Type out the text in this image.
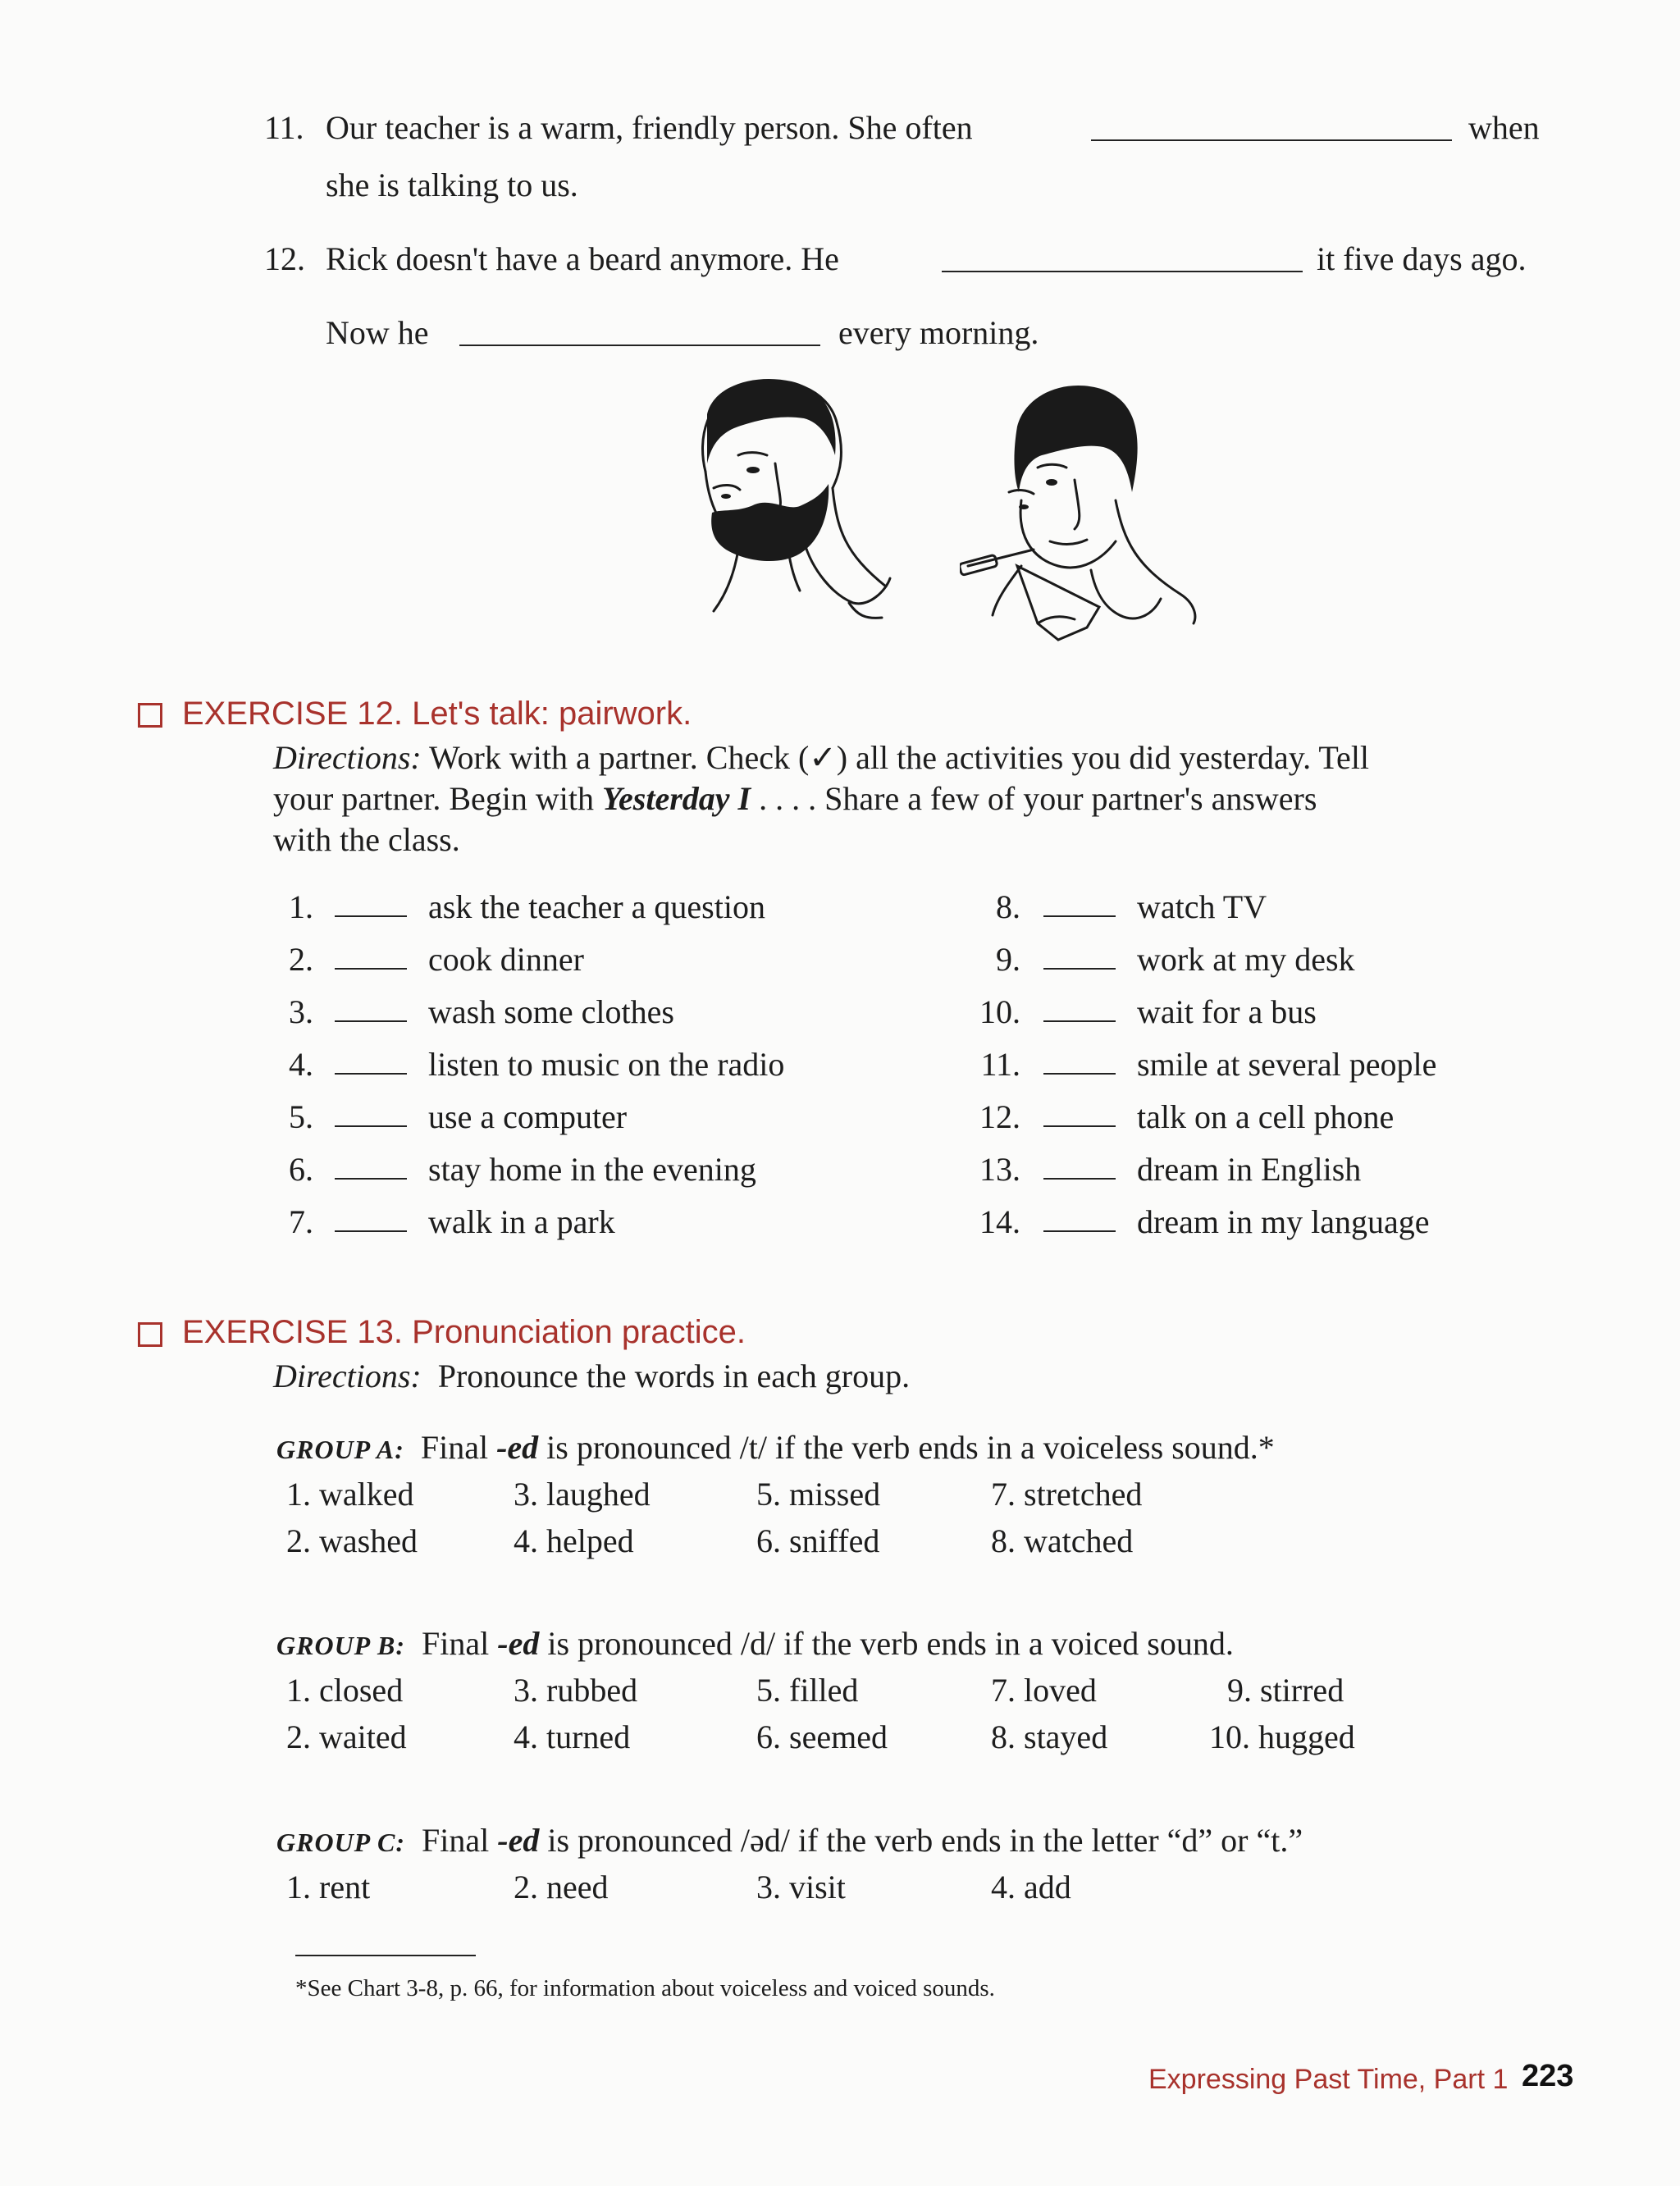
11. Our teacher is a warm, friendly person. She often	when
she is talking to us.
12. Rick doesn't have a beard anymore. He	it five days ago.
Now he	every morning.
EXERCISE 12. Let's talk: pairwork.
Directions: Work with a partner. Check (✓) all the activities you did yesterday. Tell
your partner. Begin with Yesterday I . . . . Share a few of your partner's answers
with the class.
1.	ask the teacher a question
2.	cook dinner
3.	wash some clothes
4.	listen to music on the radio
5.	use a computer
6.	stay home in the evening
7.	walk in a park
8.	watch TV
9.	work at my desk
10.	wait for a bus
11.	smile at several people
12.	talk on a cell phone
13.	dream in English
14.	dream in my language
EXERCISE 13. Pronunciation practice.
Directions: Pronounce the words in each group.
GROUP A: Final -ed is pronounced /t/ if the verb ends in a voiceless sound.*
1. walked	3. laughed	5. missed	7. stretched
2. washed	4. helped	6. sniffed	8. watched
GROUP B: Final -ed is pronounced /d/ if the verb ends in a voiced sound.
1. closed	3. rubbed	5. filled	7. loved	9. stirred
2. waited	4. turned	6. seemed	8. stayed	10. hugged
GROUP C: Final -ed is pronounced /əd/ if the verb ends in the letter “d” or “t.”
1. rent	2. need	3. visit	4. add
*See Chart 3-8, p. 66, for information about voiceless and voiced sounds.
Expressing Past Time, Part 1 223
